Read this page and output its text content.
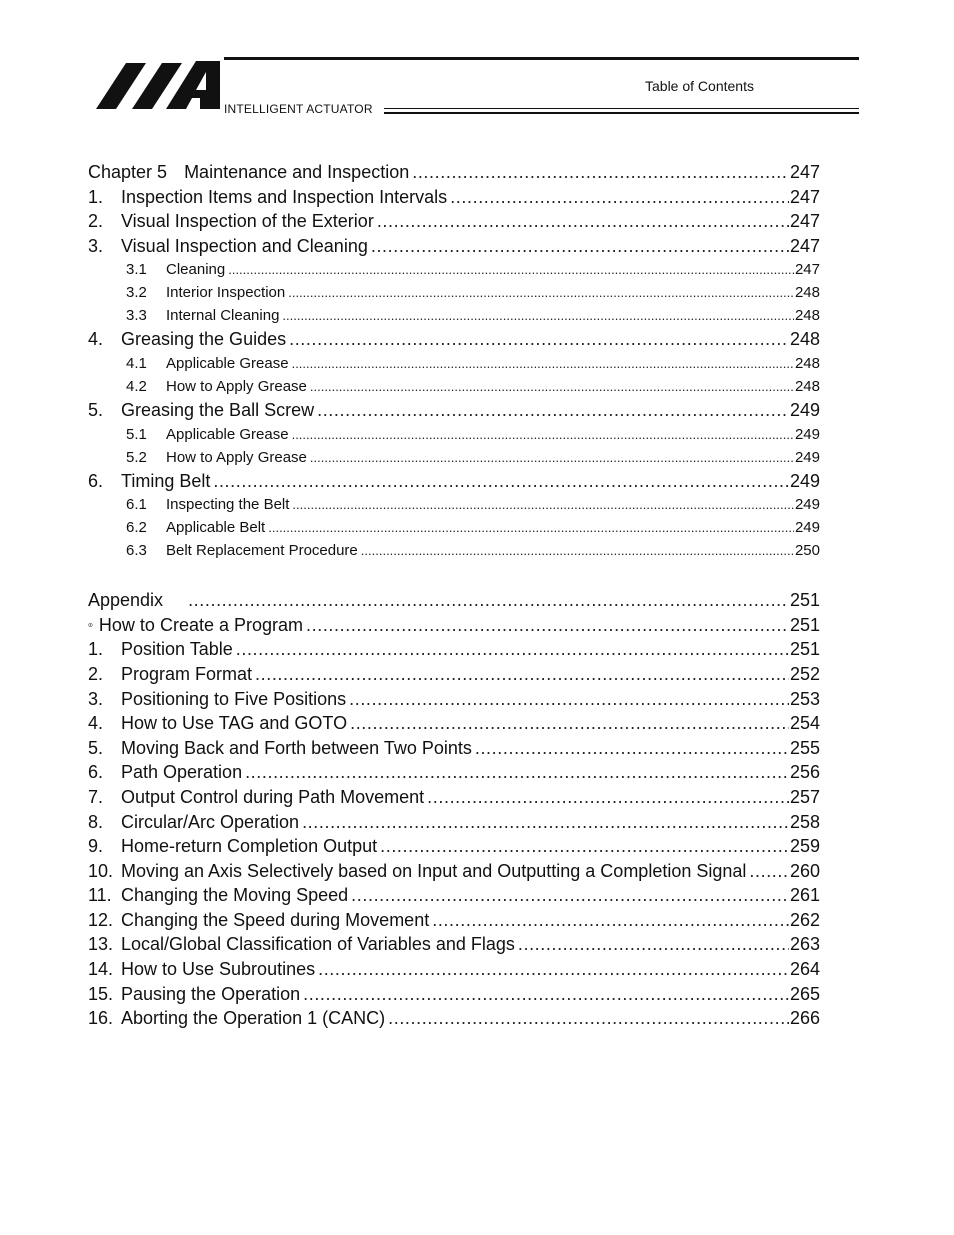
INTELLIGENT ACTUATOR
Table of Contents
Chapter 5 Maintenance and Inspection .....	247
1. Inspection Items and Inspection Intervals .....	247
2. Visual Inspection of the Exterior .....	247
3. Visual Inspection and Cleaning .....	247
3.1	Cleaning .....	247
3.2	Interior Inspection .....	248
3.3	Internal Cleaning .....	248
4. Greasing the Guides .....	248
4.1	Applicable Grease .....	248
4.2	How to Apply Grease .....	248
5. Greasing the Ball Screw .....	249
5.1	Applicable Grease .....	249
5.2	How to Apply Grease .....	249
6. Timing Belt .....	249
6.1	Inspecting the Belt .....	249
6.2	Applicable Belt .....	249
6.3	Belt Replacement Procedure .....	250
Appendix .....	251
How to Create a Program .....	251
1. Position Table .....	251
2. Program Format .....	252
3. Positioning to Five Positions .....	253
4. How to Use TAG and GOTO .....	254
5. Moving Back and Forth between Two Points .....	255
6. Path Operation .....	256
7. Output Control during Path Movement .....	257
8. Circular/Arc Operation .....	258
9. Home-return Completion Output .....	259
10. Moving an Axis Selectively based on Input and Outputting a Completion Signal ..... 260
11. Changing the Moving Speed .....	261
12. Changing the Speed during Movement .....	262
13. Local/Global Classification of Variables and Flags .....	263
14. How to Use Subroutines .....	264
15. Pausing the Operation .....	265
16. Aborting the Operation 1 (CANC) .....	266
